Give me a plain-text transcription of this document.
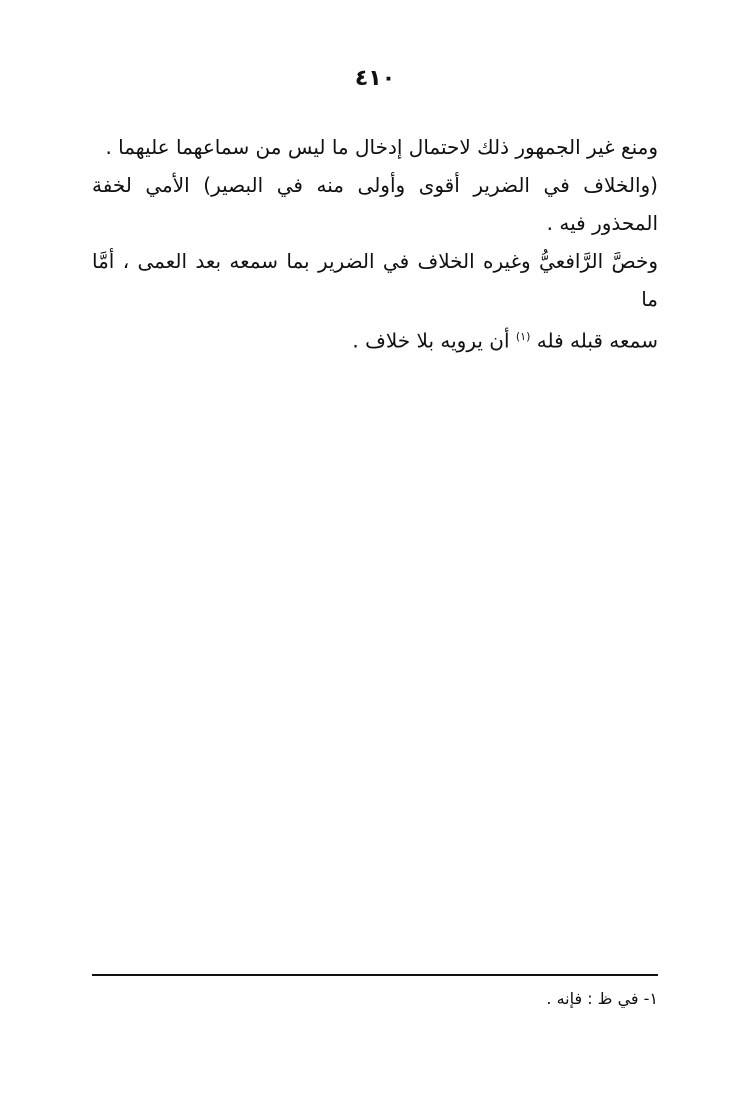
٤١٠

ومنع غير الجمهور ذلك لاحتمال إدخال ما ليس من سماعهما عليهما .

(والخلاف في الضرير أقوى وأولى منه في البصير) الأمي لخفة

المحذور فيه .

وخصَّ الرَّافعيُّ وغيره الخلاف في الضرير بما سمعه بعد العمى ، أمَّا ما

سمعه قبله فله $^{(١)}$ أن يرويه بلا خلاف .

١- في ظ : فإنه .
